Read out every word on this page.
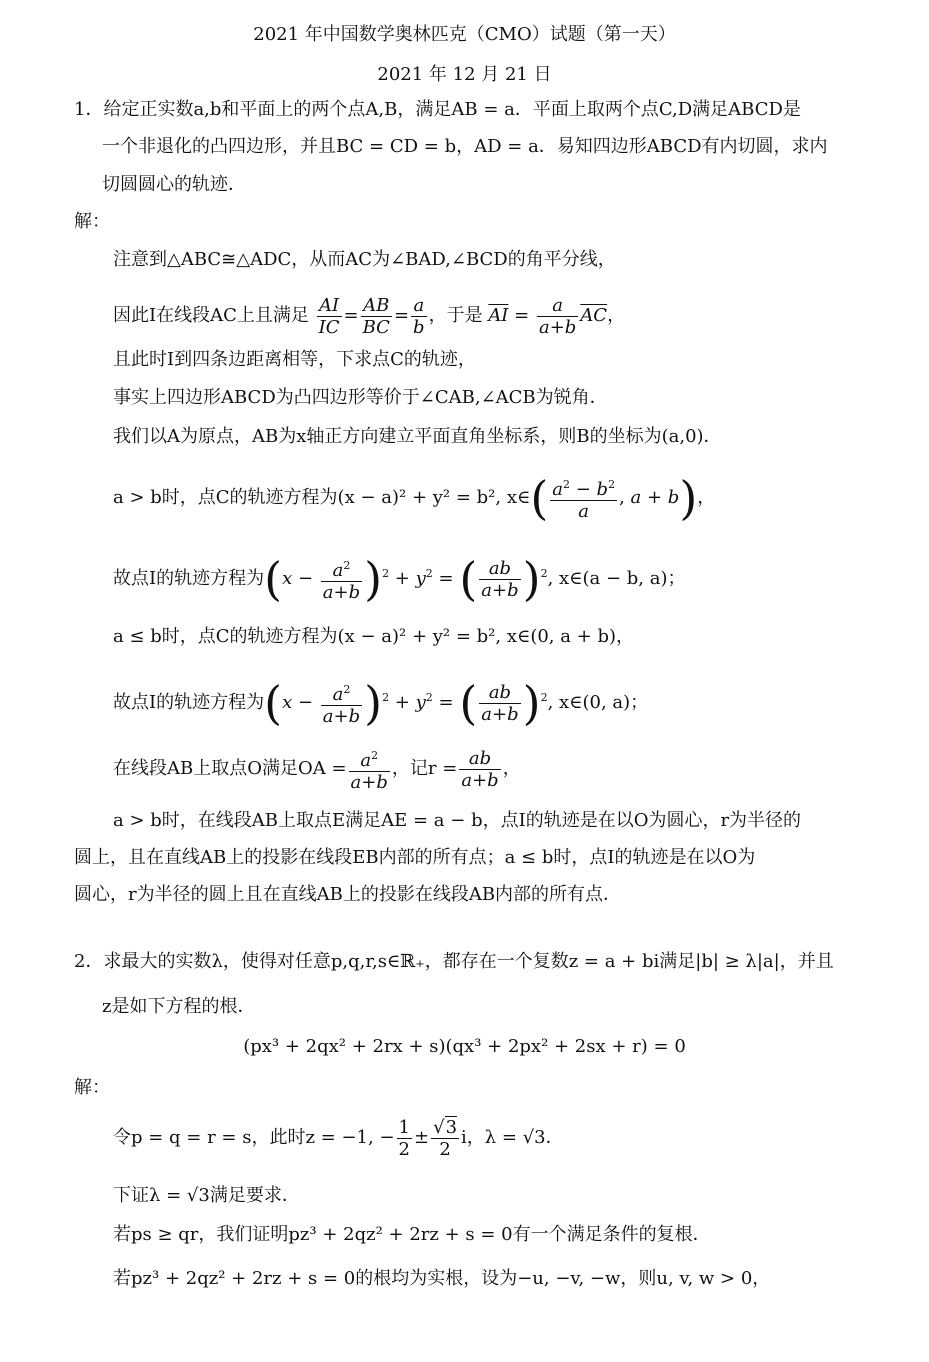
2021 年中国数学奥林匹克（CMO）试题（第一天）
2021 年 12 月 21 日
1．给定正实数a,b和平面上的两个点A,B，满足AB = a．平面上取两个点C,D满足ABCD是
一个非退化的凸四边形，并且BC = CD = b，AD = a．易知四边形ABCD有内切圆，求内
切圆圆心的轨迹．
解：
注意到△ABC≅△ADC，从而AC为∠BAD,∠BCD的角平分线，
因此I在线段AC上且满足 $\frac{AI}{IC} = \frac{AB}{BC} = \frac{a}{b}$ ，于是 $\overline{AI} = \frac{a}{a+b} \overline{AC}$，
且此时I到四条边距离相等，下求点C的轨迹，
事实上四边形ABCD为凸四边形等价于∠CAB,∠ACB为锐角．
我们以A为原点，AB为x轴正方向建立平面直角坐标系，则B的坐标为(a,0)．
a > b时，点C的轨迹方程为(x − a)² + y² = b², x∈( $\frac{a^2 - b^2}{a}$ , a + b)，
故点I的轨迹方程为$(x - \frac{a^2}{a+b} )^2 + y^2$ = ( $\frac{ab}{a+b} )^2$, x∈(a − b, a)；
a ≤ b时，点C的轨迹方程为(x − a)² + y² = b², x∈(0, a + b)，
故点I的轨迹方程为$(x - \frac{a^2}{a+b} )^2 + y^2$ = ( $\frac{ab}{a+b} )^2$, x∈(0, a)；
在线段AB上取点O满足OA = $\frac{a^2}{a+b}$ ，记$r = \frac{ab}{a+b}$ ，
a > b时，在线段AB上取点E满足AE = a − b，点I的轨迹是在以O为圆心，r为半径的
圆上，且在直线AB上的投影在线段EB内部的所有点；a ≤ b时，点I的轨迹是在以O为
圆心，r为半径的圆上且在直线AB上的投影在线段AB内部的所有点．
2．求最大的实数λ，使得对任意p,q,r,s∈ℝ₊，都存在一个复数z = a + bi满足|b| ≥ λ|a|，并且
z是如下方程的根．
(px³ + 2qx² + 2rx + s)(qx³ + 2px² + 2sx + r) = 0
解：
令p = q = r = s，此时z = −1, − $\frac{1}{2} \pm \frac{√3}{2}$ i，λ = √3．
下证λ = √3满足要求．
若ps ≥ qr，我们证明pz³ + 2qz² + 2rz + s = 0有一个满足条件的复根．
若pz³ + 2qz² + 2rz + s = 0的根均为实根，设为−u, −v, −w，则u, v, w > 0，
